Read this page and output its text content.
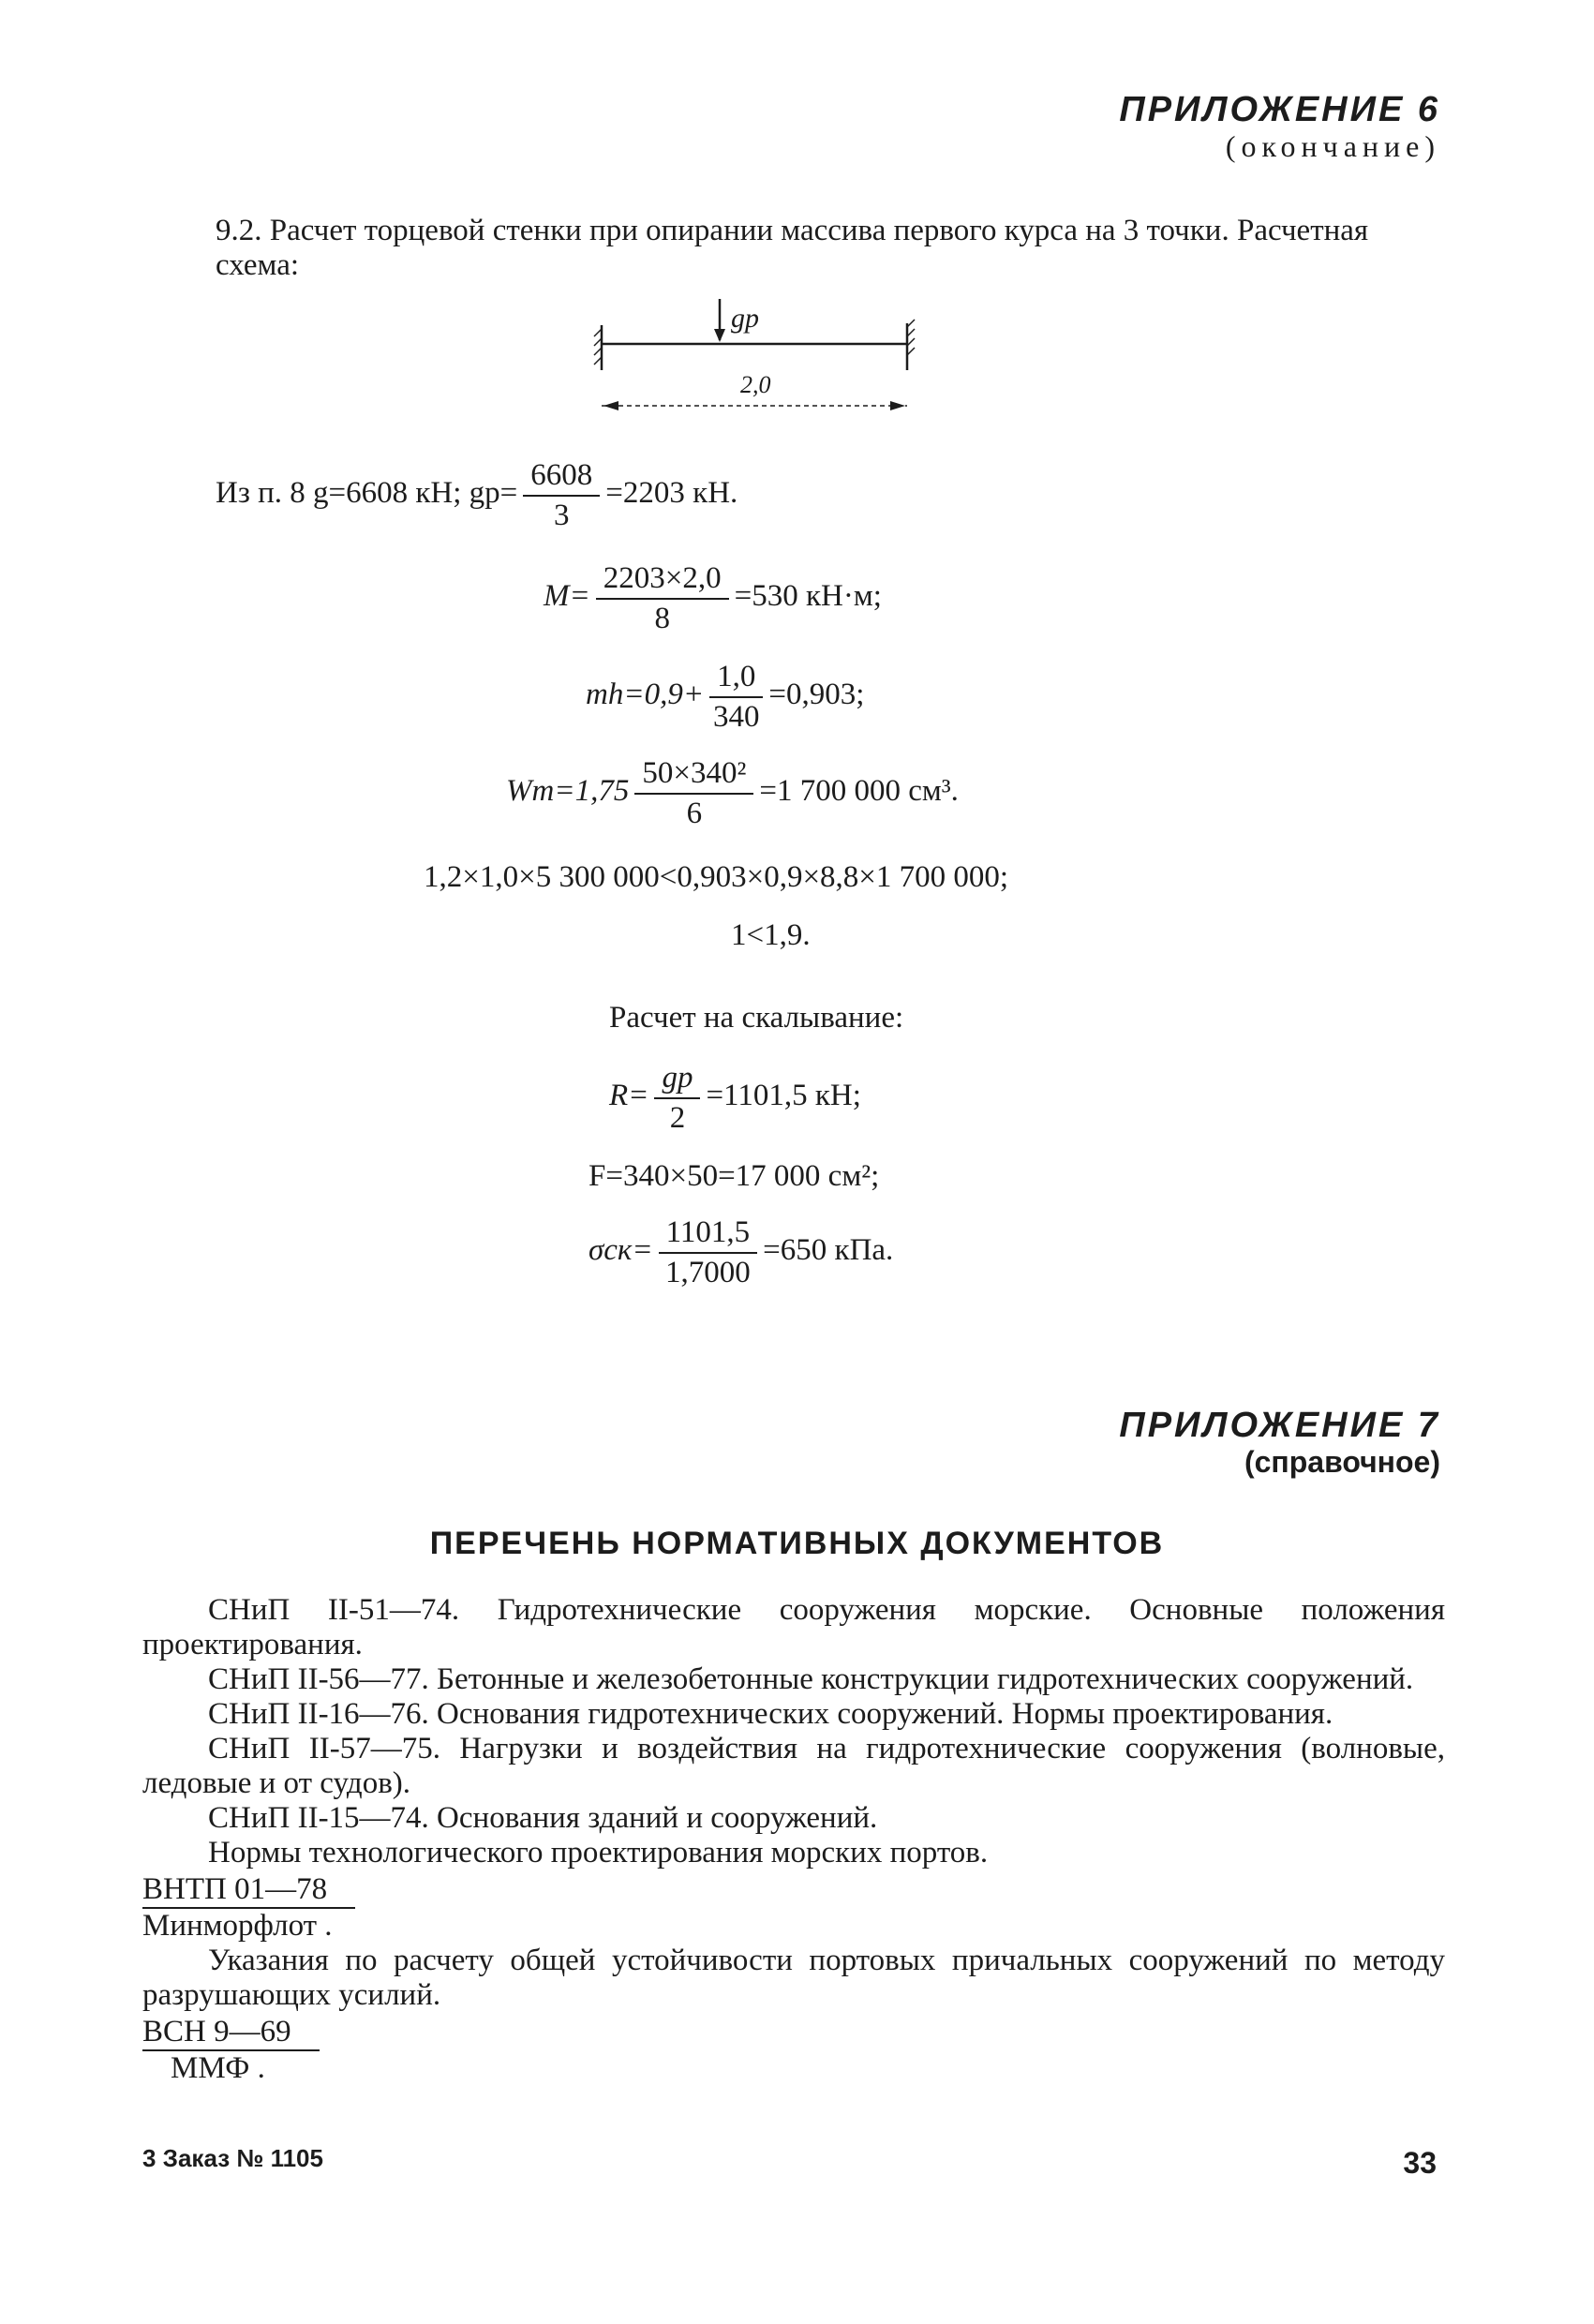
ПРИЛОЖЕНИЕ 6
(окончание)
9.2. Расчет торцевой стенки при опирании массива первого курса на 3 точки. Расчетная схема:
gр
2,0
Из п. 8 g=6608 кН; $gр= \frac{6608}{3} =2203$ кН.
$M= \frac{2203\times 2,0}{8} =530$ кН·м;
$mh=0,9+ \frac{1,0}{340} =0,903$;
$Wт=1,75 \frac{\text{50×340²}}{6} =1$ 700 000 см³.
1,2×1,0×5 300 000<0,903×0,9×8,8×1 700 000;
1<1,9.
Расчет на скалывание:
$R= \frac{gр}{2} =1101,5$ кН;
F=340×50=17 000 см²;
$\sigma ск= \frac{1101,5}{1,7000} =650$ кПа.
ПРИЛОЖЕНИЕ 7
(справочное)
ПЕРЕЧЕНЬ НОРМАТИВНЫХ ДОКУМЕНТОВ

СНиП II-51—74. Гидротехнические сооружения морские. Основные положения проектирования.

СНиП II-56—77. Бетонные и железобетонные конструкции гидротехнических сооружений.

СНиП II-16—76. Основания гидротехнических сооружений. Нормы проектирования.

СНиП II-57—75. Нагрузки и воздействия на гидротехнические сооружения (волновые, ледовые и от судов).

СНиП II-15—74. Основания зданий и сооружений.

Нормы технологического проектирования морских портов.

ВНТП 01—78
Минморфлот .

Указания по расчету общей устойчивости портовых причальных сооружений по методу разрушающих усилий.

ВСН 9—69
ММФ .
3 Заказ № 1105	33
